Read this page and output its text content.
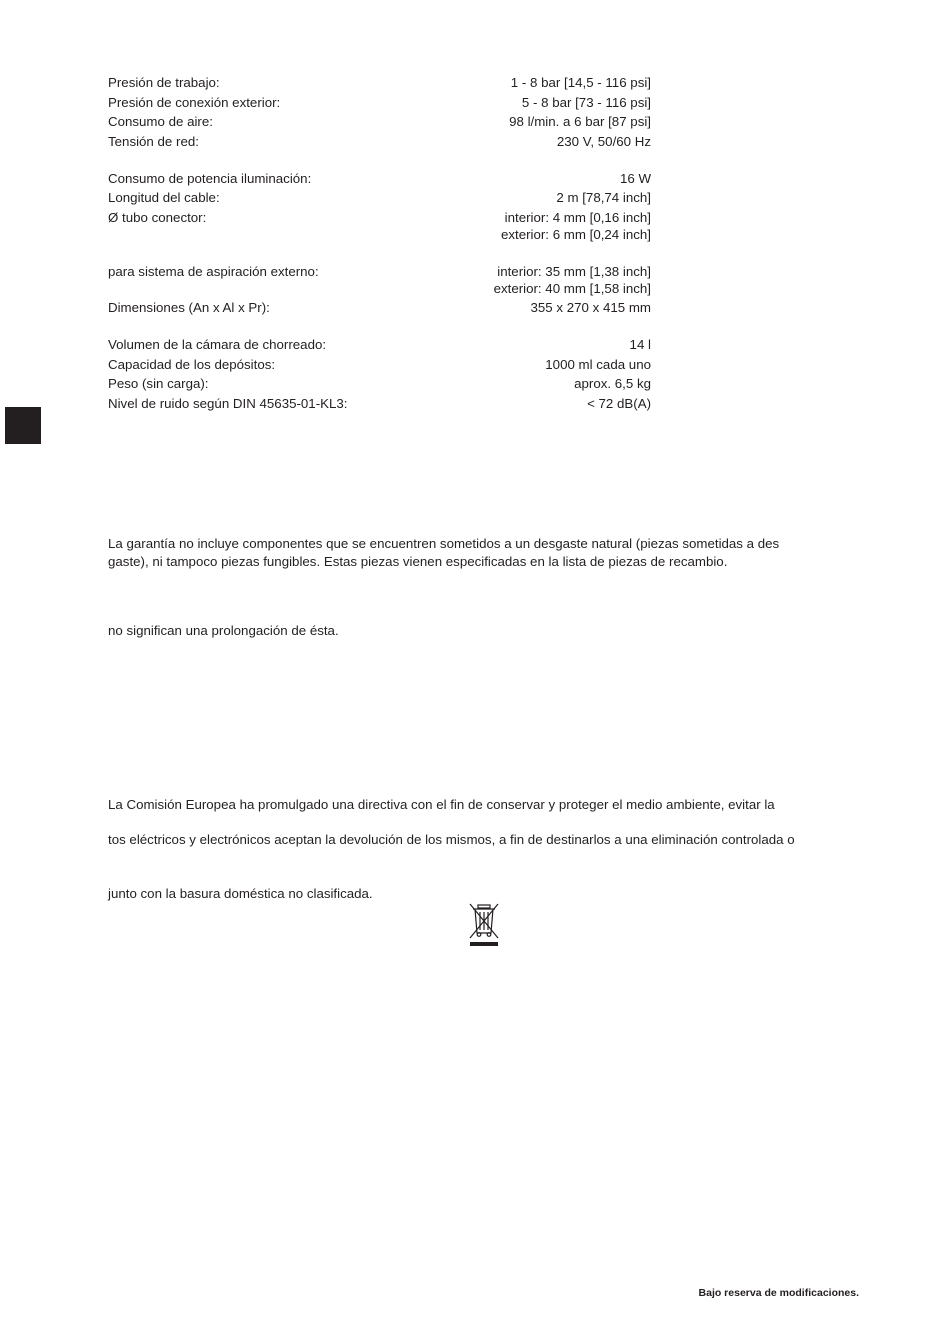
Presión de trabajo:	1 - 8 bar [14,5 - 116 psi]
Presión de conexión exterior:	5 - 8 bar [73 - 116 psi]
Consumo de aire:	98 l/min. a 6 bar [87 psi]
Tensión de red:	230 V, 50/60 Hz
Consumo de potencia iluminación:	16 W
Longitud del cable:	2 m [78,74 inch]
Ø tubo conector:	interior: 4 mm [0,16 inch]
exterior: 6 mm [0,24 inch]
para sistema de aspiración externo:	interior: 35 mm [1,38 inch]
exterior: 40 mm [1,58 inch]
Dimensiones (An x Al x Pr):	355 x 270 x 415 mm
Volumen de la cámara de chorreado:	14 l
Capacidad de los depósitos:	1000 ml cada uno
Peso (sin carga):	aprox. 6,5 kg
Nivel de ruido según DIN 45635-01-KL3:	< 72 dB(A)
La garantía no incluye componentes que se encuentren sometidos a un desgaste natural (piezas sometidas a des
gaste), ni tampoco piezas fungibles. Estas piezas vienen especificadas en la lista de piezas de recambio.
no significan una prolongación de ésta.
La Comisión Europea ha promulgado una directiva con el fin de conservar y proteger el medio ambiente, evitar la
tos eléctricos y electrónicos aceptan la devolución de los mismos, a fin de destinarlos a una eliminación controlada o
junto con la basura doméstica no clasificada.
Bajo reserva de modificaciones.
